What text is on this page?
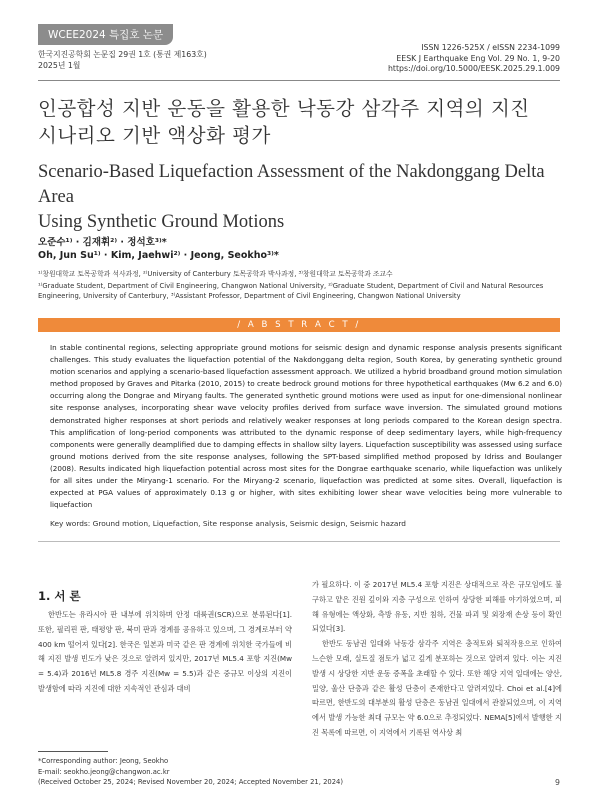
WCEE2024 특집호 논문
한국지진공학회 논문집 29권 1호 (통권 제163호)
2025년 1월
ISSN 1226-525X / eISSN 2234-1099
EESK J Earthquake Eng Vol. 29 No. 1, 9-20
https://doi.org/10.5000/EESK.2025.29.1.009
인공합성 지반 운동을 활용한 낙동강 삼각주 지역의 지진
시나리오 기반 액상화 평가
Scenario-Based Liquefaction Assessment of the Nakdonggang Delta Area
Using Synthetic Ground Motions
오준수¹⁾ · 김재휘²⁾ · 정석호³⁾*
Oh, Jun Su¹⁾ · Kim, Jaehwi²⁾ · Jeong, Seokho³⁾*
¹⁾창원대학교 토목공학과 석사과정, ²⁾University of Canterbury 토목공학과 박사과정, ³⁾창원대학교 토목공학과 조교수
¹⁾Graduate Student, Department of Civil Engineering, Changwon National University, ²⁾Graduate Student, Department of Civil and Natural Resources Engineering, University of Canterbury, ³⁾Assistant Professor, Department of Civil Engineering, Changwon National University
/ A B S T R A C T /
In stable continental regions, selecting appropriate ground motions for seismic design and dynamic response analysis presents significant challenges. This study evaluates the liquefaction potential of the Nakdonggang delta region, South Korea, by generating synthetic ground motion scenarios and applying a scenario-based liquefaction assessment approach. We utilized a hybrid broadband ground motion simulation method proposed by Graves and Pitarka (2010, 2015) to create bedrock ground motions for three hypothetical earthquakes (Mw 6.2 and 6.0) occurring along the Dongrae and Miryang faults. The generated synthetic ground motions were used as input for one-dimensional nonlinear site response analyses, incorporating shear wave velocity profiles derived from surface wave inversion. The simulated ground motions demonstrated higher responses at short periods and relatively weaker responses at long periods compared to the Korean design spectra. This amplification of long-period components was attributed to the dynamic response of deep sedimentary layers, while high-frequency components were generally deamplified due to damping effects in shallow silty layers. Liquefaction susceptibility was assessed using surface ground motions derived from the site response analyses, following the SPT-based simplified method proposed by Idriss and Boulanger (2008). Results indicated high liquefaction potential across most sites for the Dongrae earthquake scenario, while liquefaction was unlikely for all sites under the Miryang-1 scenario. For the Miryang-2 scenario, liquefaction was predicted at some sites. Overall, liquefaction is expected at PGA values of approximately 0.13 g or higher, with sites exhibiting lower shear wave velocities being more vulnerable to liquefaction
Key words: Ground motion, Liquefaction, Site response analysis, Seismic design, Seismic hazard
1. 서 론

한반도는 유라시아 판 내부에 위치하며 안정 대륙권(SCR)으로 분류된다[1]. 또한, 필리핀 판, 태평양 판, 북미 판과 경계를 공유하고 있으며, 그 경계로부터 약 400 km 떨어져 있다[2]. 한국은 일본과 미국 같은 판 경계에 위치한 국가들에 비해 지진 발생 빈도가 낮은 것으로 알려져 있지만, 2017년 ML5.4 포항 지진(Mw = 5.4)과 2016년 ML5.8 경주 지진(Mw = 5.5)과 같은 중규모 이상의 지진이 발생함에 따라 지진에 대한 지속적인 관심과 대비

가 필요하다. 이 중 2017년 ML5.4 포항 지진은 상대적으로 작은 규모임에도 불구하고 얕은 진원 깊이와 지층 구성으로 인하여 상당한 피해를 야기하였으며, 피해 유형에는 액상화, 측방 유동, 지반 침하, 건물 파괴 및 외장재 손상 등이 확인되었다[3].

한반도 동남권 일대와 낙동강 삼각주 지역은 충적토와 퇴적작용으로 인하여 느슨한 모래, 실트질 점토가 넓고 깊게 분포하는 것으로 알려져 있다. 이는 지진 발생 시 상당한 지반 운동 증폭을 초래할 수 있다. 또한 해당 지역 일대에는 양산, 밀양, 울산 단층과 같은 활성 단층이 존재한다고 알려져있다. Choi et al.[4]에 따르면, 한반도의 대부분의 활성 단층은 동남권 일대에서 관찰되었으며, 이 지역에서 발생 가능한 최대 규모는 약 6.0으로 추정되었다. NEMA[5]에서 발행한 지진 목록에 따르면, 이 지역에서 기록된 역사상 최

*Corresponding author: Jeong, Seokho
E-mail: seokho.jeong@changwon.ac.kr
(Received October 25, 2024; Revised November 20, 2024; Accepted November 21, 2024)	9
